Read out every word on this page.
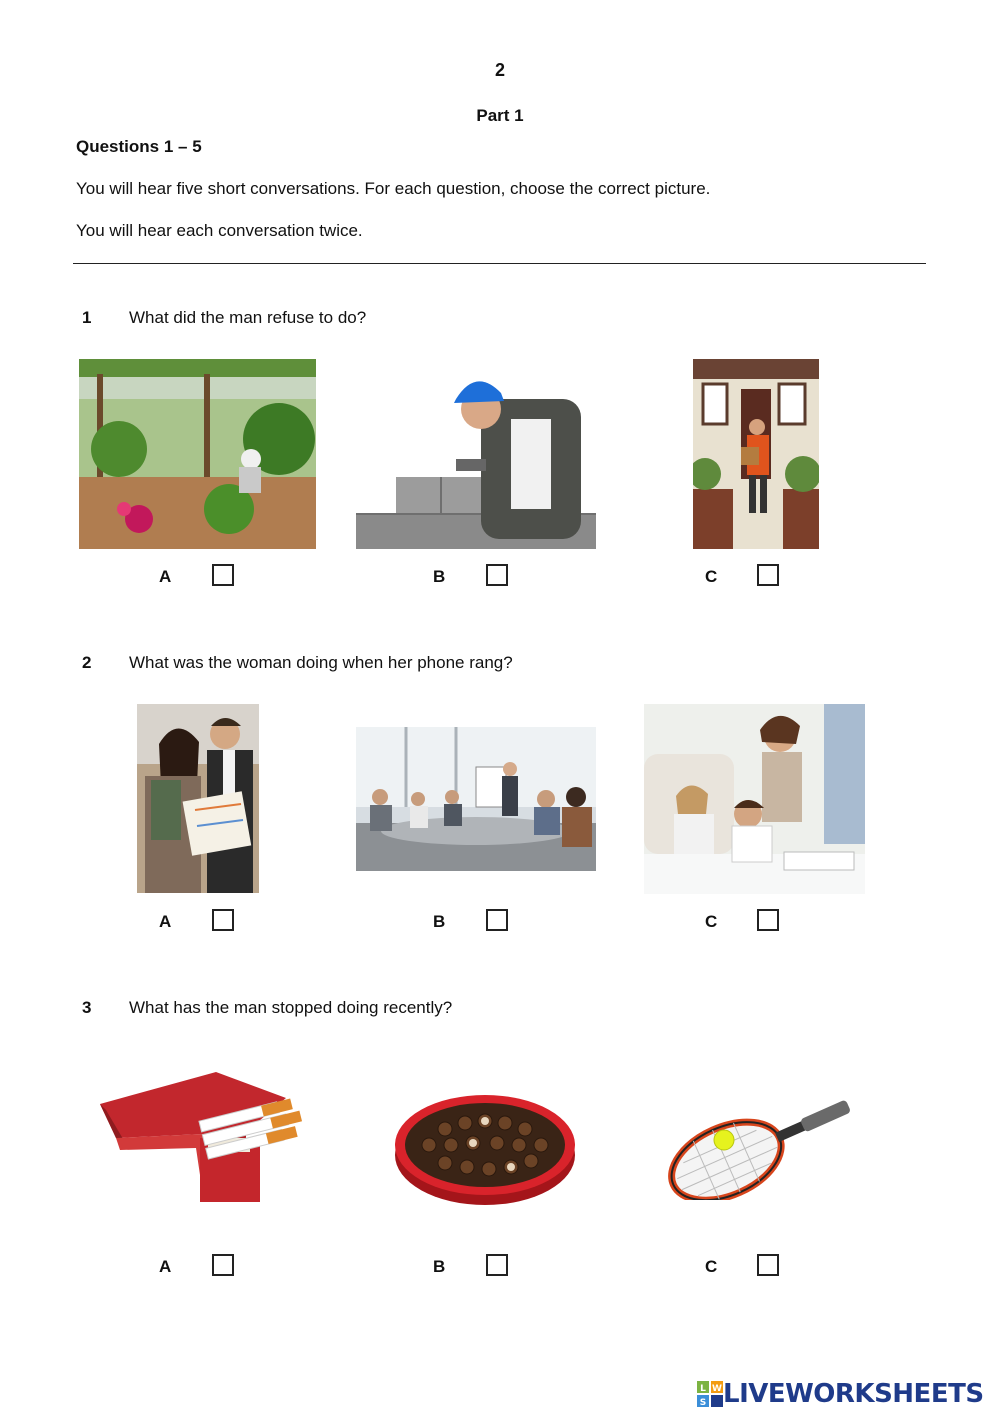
2
Part 1
Questions 1 – 5
You will hear five short conversations. For each question, choose the correct picture.
You will hear each conversation twice.
1 What did the man refuse to do?
A	B	C
2 What was the woman doing when her phone rang?
A	B	C
3 What has the man stopped doing recently?
A	B	C
L W
S LIVEWORKSHEETS
